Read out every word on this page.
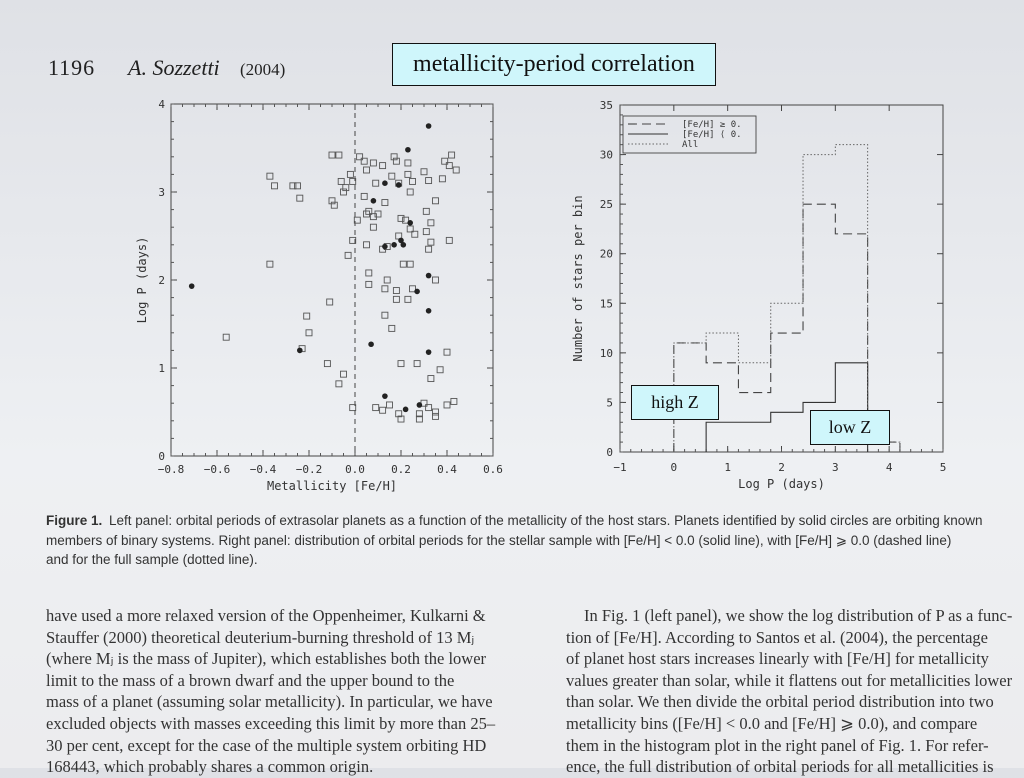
1196 A. Sozzetti (2004)
−0.8 −0.6 −0.4 −0.2 0.0 0.2 0.4 0.6
0
1
2
3
4
Metallicity [Fe/H]
Log P (days)
−1	0	1	2	3	4	5
0
5
10
15
20
25
30
35
[Fe/H] ≥ 0.
[Fe/H] ⟨ 0.
All
Log P (days)
Number of stars per bin
metallicity-period correlation
high Z
low Z
Figure 1. Left panel: orbital periods of extrasolar planets as a function of the metallicity of the host stars. Planets identified by solid circles are orbiting known
members of binary systems. Right panel: distribution of orbital periods for the stellar sample with [Fe/H] < 0.0 (solid line), with [Fe/H] ⩾ 0.0 (dashed line)
and for the full sample (dotted line).
have used a more relaxed version of the Oppenheimer, Kulkarni &
Stauffer (2000) theoretical deuterium-burning threshold of 13 Mⱼ
(where Mⱼ is the mass of Jupiter), which establishes both the lower
limit to the mass of a brown dwarf and the upper bound to the
mass of a planet (assuming solar metallicity). In particular, we have
excluded objects with masses exceeding this limit by more than 25–
30 per cent, except for the case of the multiple system orbiting HD
168443, which probably shares a common origin.
In Fig. 1 (left panel), we show the log distribution of P as a func-
tion of [Fe/H]. According to Santos et al. (2004), the percentage
of planet host stars increases linearly with [Fe/H] for metallicity
values greater than solar, while it flattens out for metallicities lower
than solar. We then divide the orbital period distribution into two
metallicity bins ([Fe/H] < 0.0 and [Fe/H] ⩾ 0.0), and compare
them in the histogram plot in the right panel of Fig. 1. For refer-
ence, the full distribution of orbital periods for all metallicities is
